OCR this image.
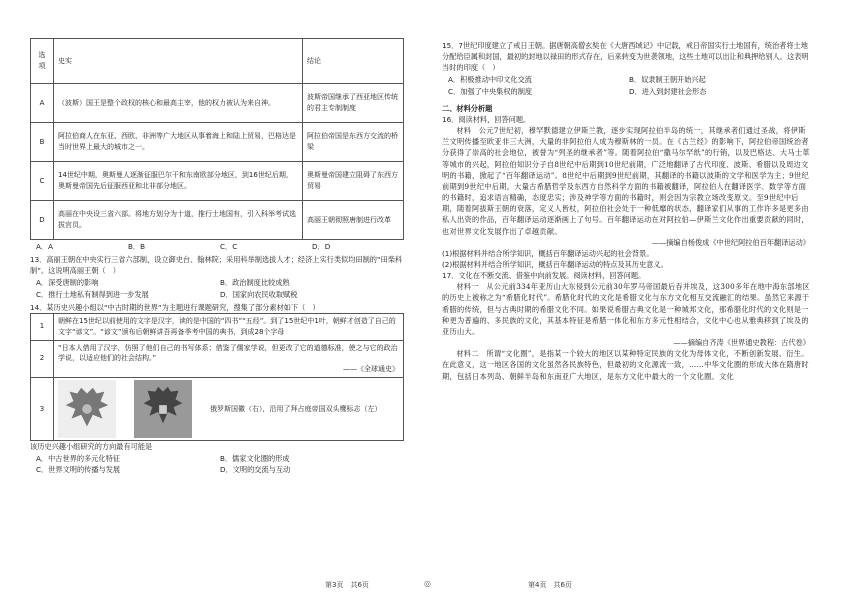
选
项	史实	结论
A	（波斯）国王是整个政权的核心和最高主宰，他的权力被认为来自神。	波斯帝国继承了西亚地区传统的君主专制制度
B	阿拉伯商人在东亚、西欧、非洲等广大地区从事着海上和陆上贸易，巴格达是当时世界上最大的城市之一。	阿拉伯帝国是东西方交流的桥梁
C	14世纪中期，奥斯曼人逐渐征服巴尔干和东南欧部分地区，到16世纪后期，奥斯曼帝国先后征服西亚和北非部分地区。	奥斯曼帝国建立阻碍了东西方贸易
D	高丽在中央设三省六部。将地方划分为十道，推行土地国有，引入科举考试选拔官员。	高丽王朝彻照唐制进行改革
A．A	B．B	C．C	D．D

13．高丽王朝在中央实行三省六部制，设立御史台、翰林院；采用科举制选拔人才；经济上实行类似均田制的“田柴科制”。这说明高丽王朝（　）

A．深受唐制的影响	B．政治制度比较成熟
C．推行土地私有制得到进一步发展	D．国家向农民收取赋税

14．某历史兴趣小组以“中古时期的世界”为主题进行课题研究，搜集了部分素材如下（　）

1	朝鲜在15世纪以前使用的文字是汉字，读的是中国的“四书”“五经”。到了15世纪中1叶，朝鲜才创造了自己的文字“谚文”。“谚文”颁布后朝鲜讲吾再备季考中国的典书，到成28个字母
2	“日本人借用了汉字，仿照了他们自己的书写体系；借鉴了儒家学说，但更改了它的道德标准，使之与它的政治学说，以适应他们的社会结构。”
——《全球通史》

3	俄罗斯国徽（右），沿用了拜占庭帝国双头鹰标志（左）

该历史兴趣小组研究的方向最有可能是

A．中古世界的多元化特征	B．儒家文化圈的形成
C．世界文明的传播与发展	D．文明的交流与互动
第3页　共6页	◎

15．7世纪印度建立了戒日王朝。据唐朝高僧玄奘在《大唐西域记》中记载，戒日帝国实行土地国有，统治者将土地分配给臣属和封国，最初的封地以禄田的形式存在，后来转变为世袭领地，这些土地可以出让和典押给别人。这表明当时的印度（　）

A．积极推动中印文化交流	B．奴隶制王朝开始兴起
C．加强了中央集权的制度	D．进入到封建社会形态
二、材料分析题

16．阅读材料，回答问题。

材料　公元7世纪初，穆罕默德建立伊斯兰教，逐步实现阿拉伯半岛的统一，其继承者们通过圣战，将伊斯兰文明传播至欧亚非三大洲，大量的非阿拉伯人成为穆斯林的一员。在《古兰经》的影响下，阿拉伯帝国统治者分获得了崇高的社会地位，被誉为“列圣的继承者”等。随着阿拉伯“撒马尔罕纸”的行销，以及巴格达、大马士革等城市的兴起，阿拉伯知识分子自8世纪中后期到10世纪前期，广泛地翻译了古代印度、波斯、希腊以及周边文明的书籍，掀起了“百年翻译运动”。8世纪中后期到9世纪前期，其翻译的书籍以波斯的文学和医学为主；9世纪前期到9世纪中后期，大量古希腊哲学及东西方自然科学方面的书籍被翻译，阿拉伯人在翻译医学、数学等方面的书籍时，追求语言精确，态度忠实；涉及神学等方面的书籍时，则会因为宗教立场改变原文。至9世纪中后期，随着阿拔斯王朝的衰落，定义人皆杖，阿拉伯社会处于一种低靡的状态，翻译家们从事的工作许多是更多由私人出资的作品，百年翻译运动逐渐画上了句号。百年翻译运动在对阿拉伯—伊斯兰文化作出重要贡献的同时，也对世界文化发展作出了卓越贡献。

——摘编自杨俊成《中世纪阿拉伯百年翻译运动》

(1)根据材料并结合所学知识，概括百年翻译运动兴起的社会背景。

(2)根据材料并结合所学知识，概括百年翻译运动的特点及其历史意义。

17．文化在不断交流、借鉴中向前发展。阅读材料，回答问题。

材料一　从公元前334年亚历山大东侵到公元前30年罗马帝国最后吞并埃及，这300多年在地中海东部地区的历史上被称之为“希腊化时代”。希腊化时代的文化是希腊文化与东方文化相互交流融汇的结果。虽然它来源于希腊的传统，但与古典时期的希腊文化不同。如果说希腊古典文化是一种城邦文化，那希腊化时代的文化则是一种更为普遍的、多民族的文化，其基本特征是希腊一体化和东方多元性相结合，文化中心也从雅典移到了埃及的亚历山大。

——摘编自齐涛《世界通史教程：古代卷》

材料二　所谓“文化圈”，是指某一个较大的地区以某种特定民族的文化为母体文化，不断创新发展、衍生。在此意义，这一地区各国的文化虽然各民族特色，但最初的文化源流一致，……中华文化圈的形成大体在隋唐时期，包括日本列岛、朝鲜半岛和东南亚广大地区，是东方文化中最大的一个文化圈。文化

第4页　共6页
